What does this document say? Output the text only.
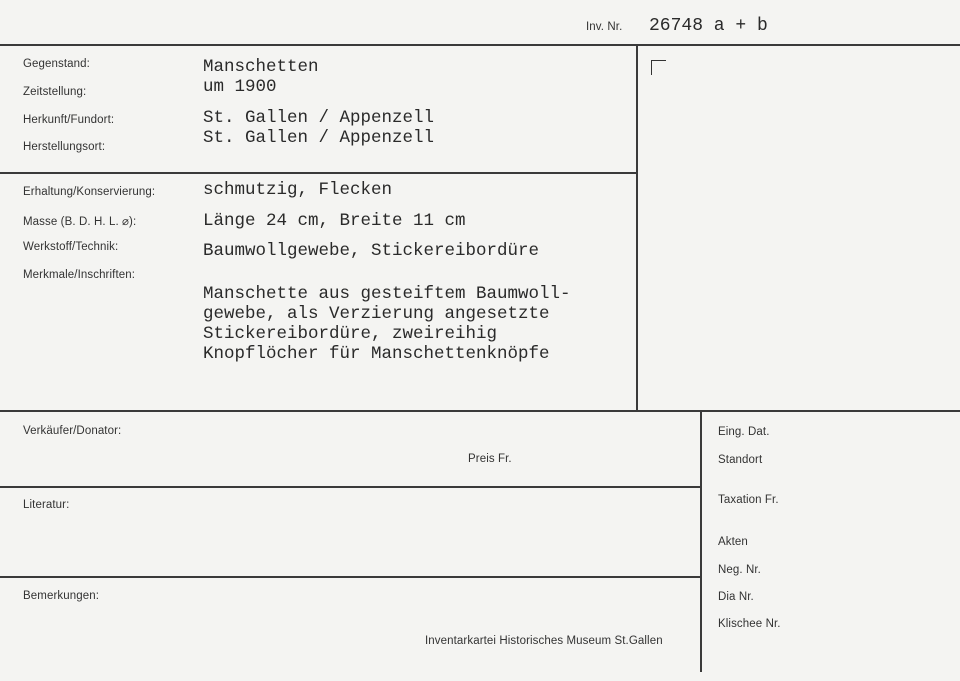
Inv. Nr. 26748 a + b
Gegenstand:	Manschetten
Zeitstellung:	um 1900
Herkunft/Fundort:	St. Gallen / Appenzell
Herstellungsort:	St. Gallen / Appenzell
Erhaltung/Konservierung:	schmutzig, Flecken
Masse (B. D. H. L. ⌀):	Länge 24 cm, Breite 11 cm
Werkstoff/Technik:	Baumwollgewebe, Stickereibordüre
Merkmale/Inschriften:
Manschette aus gesteiftem Baumwoll-
gewebe, als Verzierung angesetzte
Stickereibordüre, zweireihig
Knopflöcher für Manschettenknöpfe
Verkäufer/Donator:
Preis Fr.
Literatur:
Bemerkungen:
Inventarkartei Historisches Museum St.Gallen
Eing. Dat.
Standort
Taxation Fr.
Akten
Neg. Nr.
Dia Nr.
Klischee Nr.
